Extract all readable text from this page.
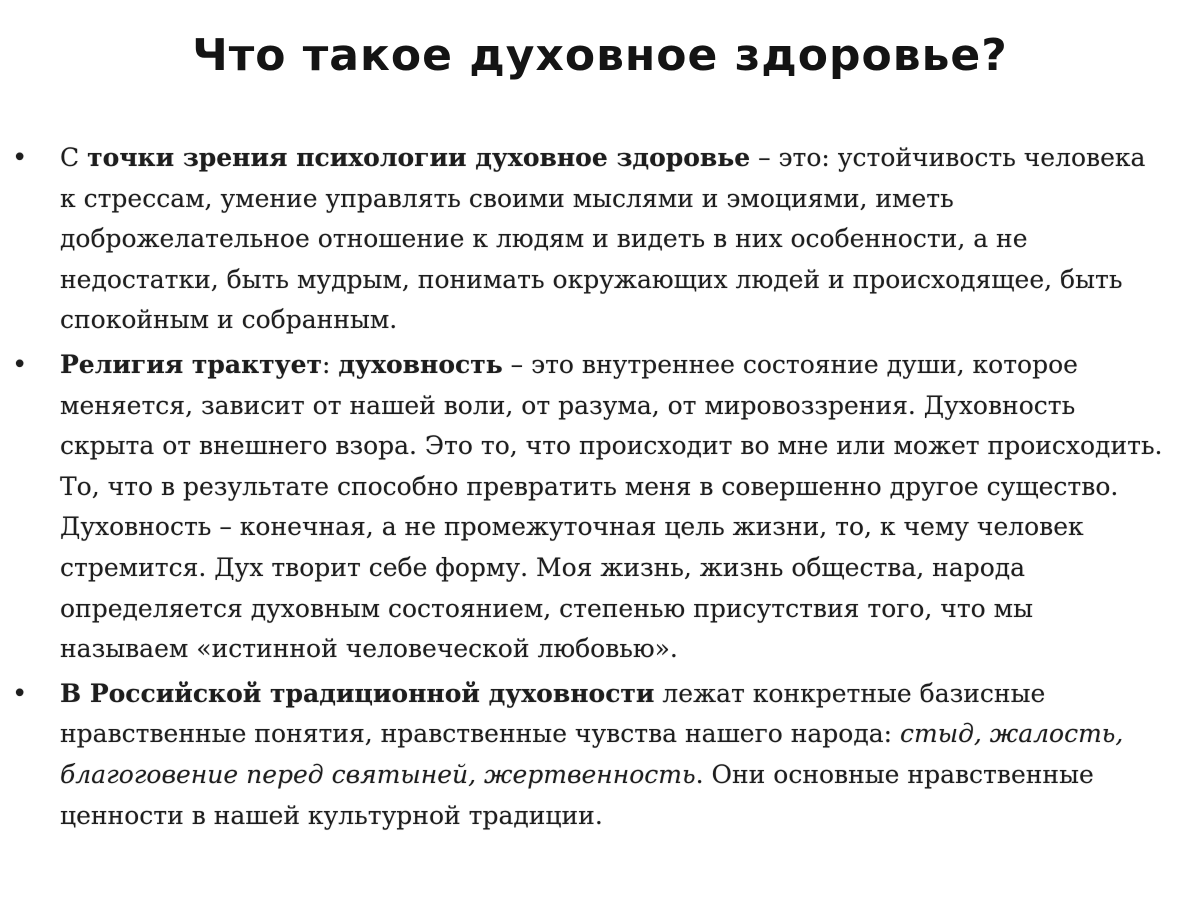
Что такое духовное здоровье?
• С точки зрения психологии духовное здоровье – это: устойчивость человека к стрессам, умение управлять своими мыслями и эмоциями, иметь доброжелательное отношение к людям и видеть в них особенности, а не недостатки, быть мудрым, понимать окружающих людей и происходящее, быть спокойным и собранным.
• Религия трактует: духовность – это внутреннее состояние души, которое меняется, зависит от нашей воли, от разума, от мировоззрения. Духовность скрыта от внешнего взора. Это то, что происходит во мне или может происходить. То, что в результате способно превратить меня в совершенно другое существо. Духовность – конечная, а не промежуточная цель жизни, то, к чему человек стремится. Дух творит себе форму. Моя жизнь, жизнь общества, народа определяется духовным состоянием, степенью присутствия того, что мы называем «истинной человеческой любовью».
• В Российской традиционной духовности лежат конкретные базисные нравственные понятия, нравственные чувства нашего народа: стыд, жалость, благоговение перед святыней, жертвенность. Они основные нравственные ценности в нашей культурной традиции.
